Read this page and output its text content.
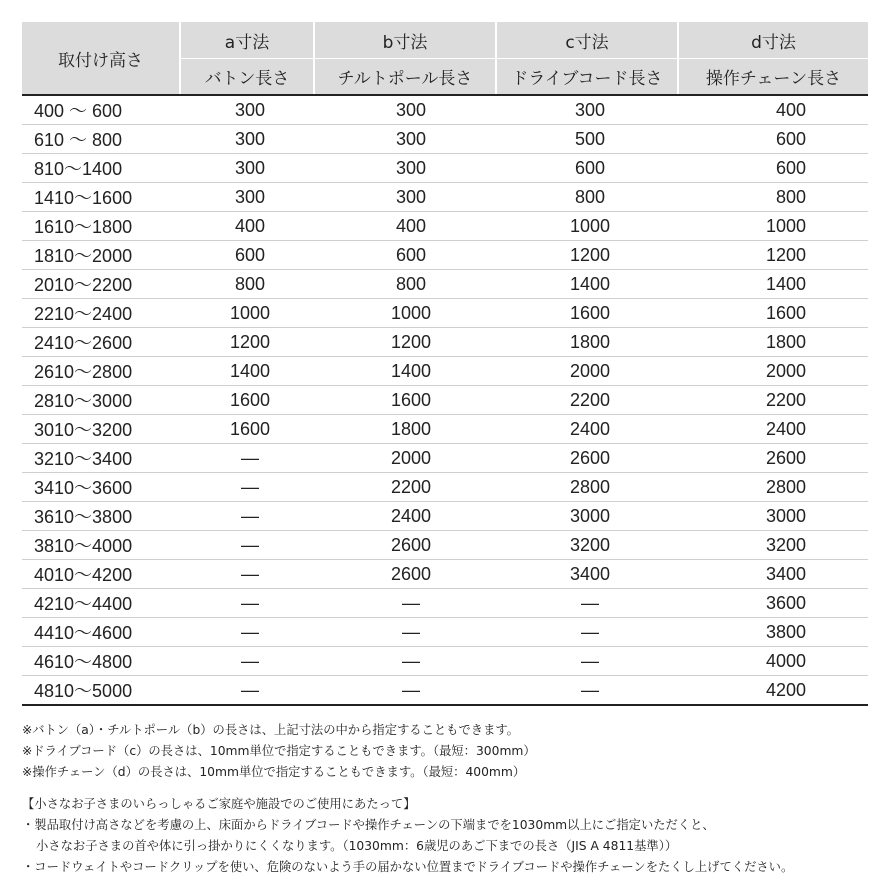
取付け高さ	a寸法	b寸法	c寸法	d寸法
	バトン長さ	チルトポール長さ	ドライブコード長さ	操作チェーン長さ
400 ～ 600	300	300	300	400
610 ～ 800	300	300	500	600
810～1400	300	300	600	600
1410～1600	300	300	800	800
1610～1800	400	400	1000	1000
1810～2000	600	600	1200	1200
2010～2200	800	800	1400	1400
2210～2400	1000	1000	1600	1600
2410～2600	1200	1200	1800	1800
2610～2800	1400	1400	2000	2000
2810～3000	1600	1600	2200	2200
3010～3200	1600	1800	2400	2400
3210～3400	—	2000	2600	2600
3410～3600	—	2200	2800	2800
3610～3800	—	2400	3000	3000
3810～4000	—	2600	3200	3200
4010～4200	—	2600	3400	3400
4210～4400	—	—	—	3600
4410～4600	—	—	—	3800
4610～4800	—	—	—	4000
4810～5000	—	—	—	4200
※バトン（a）・チルトポール（b）の長さは、上記寸法の中から指定することもできます。
※ドライブコード（c）の長さは、10mm単位で指定することもできます。（最短：300mm）
※操作チェーン（d）の長さは、10mm単位で指定することもできます。（最短：400mm）
【小さなお子さまのいらっしゃるご家庭や施設でのご使用にあたって】
・製品取付け高さなどを考慮の上、床面からドライブコードや操作チェーンの下端までを1030mm以上にご指定いただくと、
小さなお子さまの首や体に引っ掛かりにくくなります。（1030mm：6歳児のあご下までの長さ（JIS A 4811基準））
・コードウェイトやコードクリップを使い、危険のないよう手の届かない位置までドライブコードや操作チェーンをたくし上げてください。
